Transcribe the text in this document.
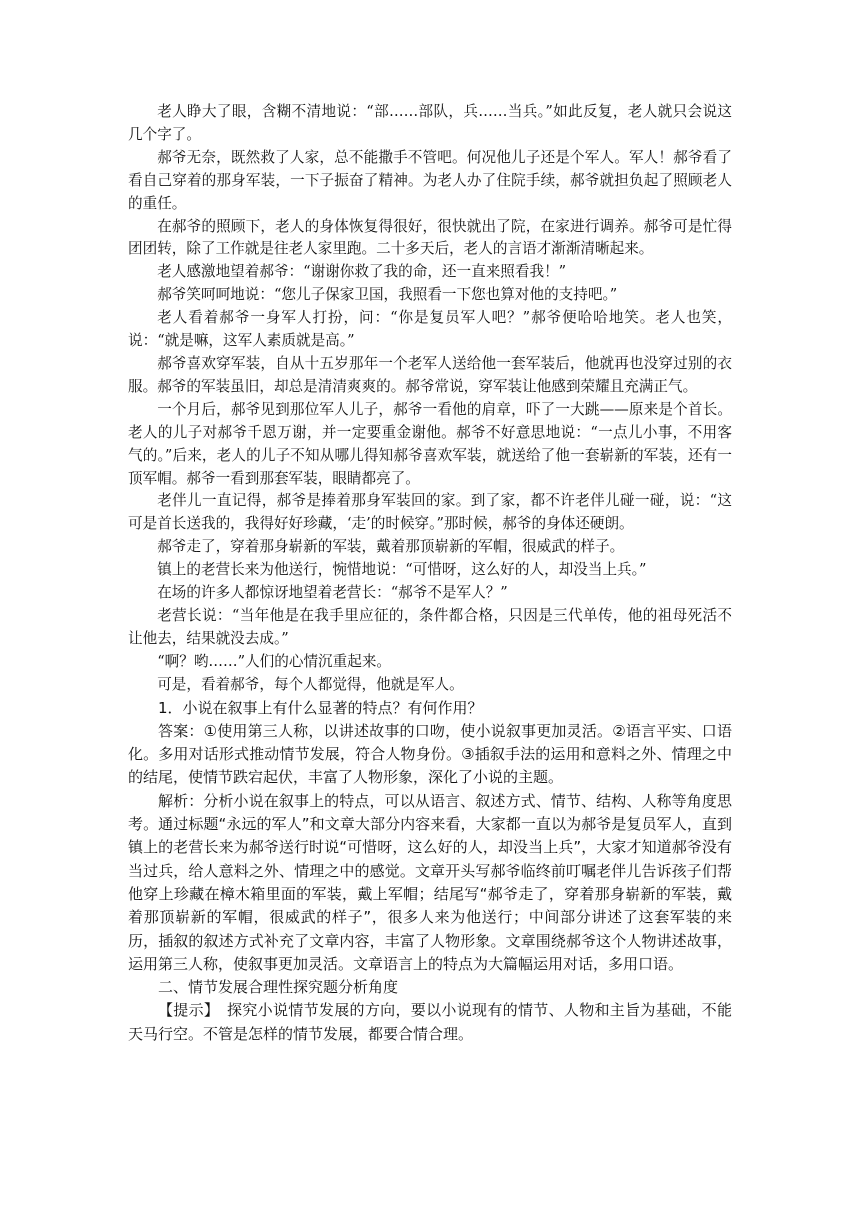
老人睁大了眼，含糊不清地说：“部……部队，兵……当兵。”如此反复，老人就只会说这几个字了。

郝爷无奈，既然救了人家，总不能撒手不管吧。何况他儿子还是个军人。军人！郝爷看了看自己穿着的那身军装，一下子振奋了精神。为老人办了住院手续，郝爷就担负起了照顾老人的重任。

在郝爷的照顾下，老人的身体恢复得很好，很快就出了院，在家进行调养。郝爷可是忙得团团转，除了工作就是往老人家里跑。二十多天后，老人的言语才渐渐清晰起来。

老人感激地望着郝爷：“谢谢你救了我的命，还一直来照看我！”

郝爷笑呵呵地说：“您儿子保家卫国，我照看一下您也算对他的支持吧。”

老人看着郝爷一身军人打扮，问：“你是复员军人吧？”郝爷便哈哈地笑。老人也笑，说：“就是嘛，这军人素质就是高。”

郝爷喜欢穿军装，自从十五岁那年一个老军人送给他一套军装后，他就再也没穿过别的衣服。郝爷的军装虽旧，却总是清清爽爽的。郝爷常说，穿军装让他感到荣耀且充满正气。

一个月后，郝爷见到那位军人儿子，郝爷一看他的肩章，吓了一大跳——原来是个首长。老人的儿子对郝爷千恩万谢，并一定要重金谢他。郝爷不好意思地说：“一点儿小事，不用客气的。”后来，老人的儿子不知从哪儿得知郝爷喜欢军装，就送给了他一套崭新的军装，还有一顶军帽。郝爷一看到那套军装，眼睛都亮了。

老伴儿一直记得，郝爷是捧着那身军装回的家。到了家，都不许老伴儿碰一碰，说：“这可是首长送我的，我得好好珍藏，‘走’的时候穿。”那时候，郝爷的身体还硬朗。

郝爷走了，穿着那身崭新的军装，戴着那顶崭新的军帽，很威武的样子。

镇上的老营长来为他送行，惋惜地说：“可惜呀，这么好的人，却没当上兵。”

在场的许多人都惊讶地望着老营长：“郝爷不是军人？”

老营长说：“当年他是在我手里应征的，条件都合格，只因是三代单传，他的祖母死活不让他去，结果就没去成。”

“啊？哟……”人们的心情沉重起来。

可是，看着郝爷，每个人都觉得，他就是军人。

1．小说在叙事上有什么显著的特点？有何作用？

答案：①使用第三人称，以讲述故事的口吻，使小说叙事更加灵活。②语言平实、口语化。多用对话形式推动情节发展，符合人物身份。③插叙手法的运用和意料之外、情理之中的结尾，使情节跌宕起伏，丰富了人物形象，深化了小说的主题。

解析：分析小说在叙事上的特点，可以从语言、叙述方式、情节、结构、人称等角度思考。通过标题“永远的军人”和文章大部分内容来看，大家都一直以为郝爷是复员军人，直到镇上的老营长来为郝爷送行时说“可惜呀，这么好的人，却没当上兵”，大家才知道郝爷没有当过兵，给人意料之外、情理之中的感觉。文章开头写郝爷临终前叮嘱老伴儿告诉孩子们帮他穿上珍藏在樟木箱里面的军装，戴上军帽；结尾写“郝爷走了，穿着那身崭新的军装，戴着那顶崭新的军帽，很威武的样子”，很多人来为他送行；中间部分讲述了这套军装的来历，插叙的叙述方式补充了文章内容，丰富了人物形象。文章围绕郝爷这个人物讲述故事，运用第三人称，使叙事更加灵活。文章语言上的特点为大篇幅运用对话，多用口语。

二、情节发展合理性探究题分析角度

【提示】　探究小说情节发展的方向，要以小说现有的情节、人物和主旨为基础，不能天马行空。不管是怎样的情节发展，都要合情合理。
